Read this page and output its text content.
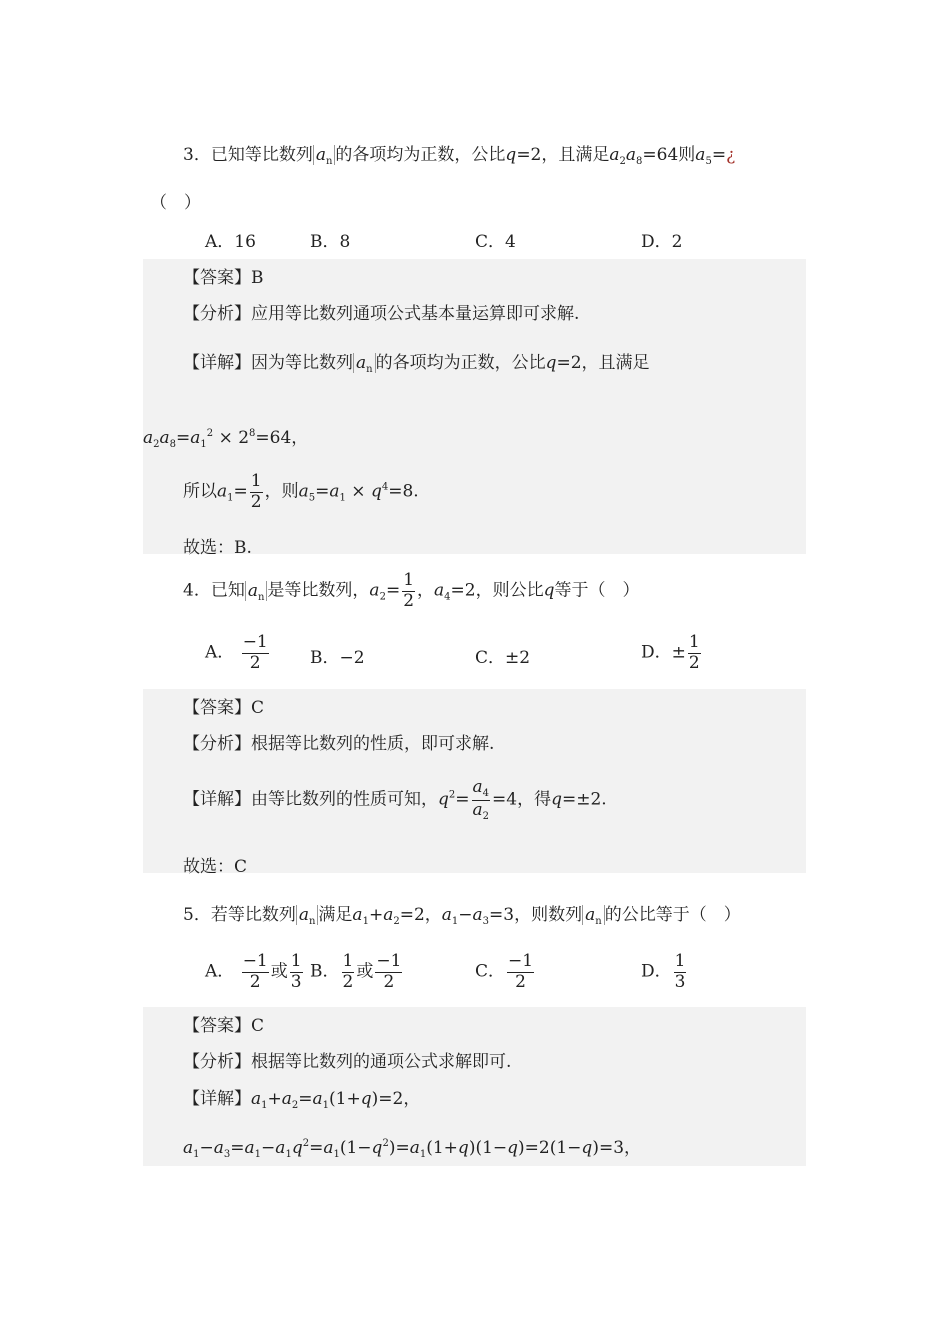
3．已知等比数列 $a_n$ 的各项均为正数，公比q=2，且满足$a_2a_8=64$则$a_5=¿$
（　）
A．16	B．8	C．4	D．2
【答案】B
【分析】应用等比数列通项公式基本量运算即可求解.
【详解】因为等比数列 $a_n$ 的各项均为正数，公比q=2，且满足
$a_2a_8=a_1^2 \times 2^8=64$，
所以$a_1= \frac{1}{2}$ ，则$a_5=a_1 \times q^4=8$.
故选：B.
4．已知 $a_n$ 是等比数列，$a_2= \frac{1}{2}$ ，$a_4=2$，则公比q等于（　）
A． $\frac{-1}{2}$ B．−2	C．±2	D．± $\frac{1}{2}$
【答案】C
【分析】根据等比数列的性质，即可求解.
【详解】由等比数列的性质可知，$q^2= \frac{a_4}{a_2} =4$，得q=±2.
故选：C
5．若等比数列 $a_n$ 满足$a_1+a_2=2$，$a_1-a_3=3$，则数列 $a_n$ 的公比等于（　）
A． $\frac{-1}{2}$ 或 $\frac{1}{3}$ B． $\frac{1}{2}$ 或 $\frac{-1}{2}$	C． $\frac{-1}{2}$	D． $\frac{1}{3}$
【答案】C
【分析】根据等比数列的通项公式求解即可.
【详解】$a_1+a_2=a_1(1+q)=2$，
$a_1-a_3=a_1-a_1q^2=a_1(1-q^2)=a_1(1+q)(1-q)=2(1-q)=3$，
